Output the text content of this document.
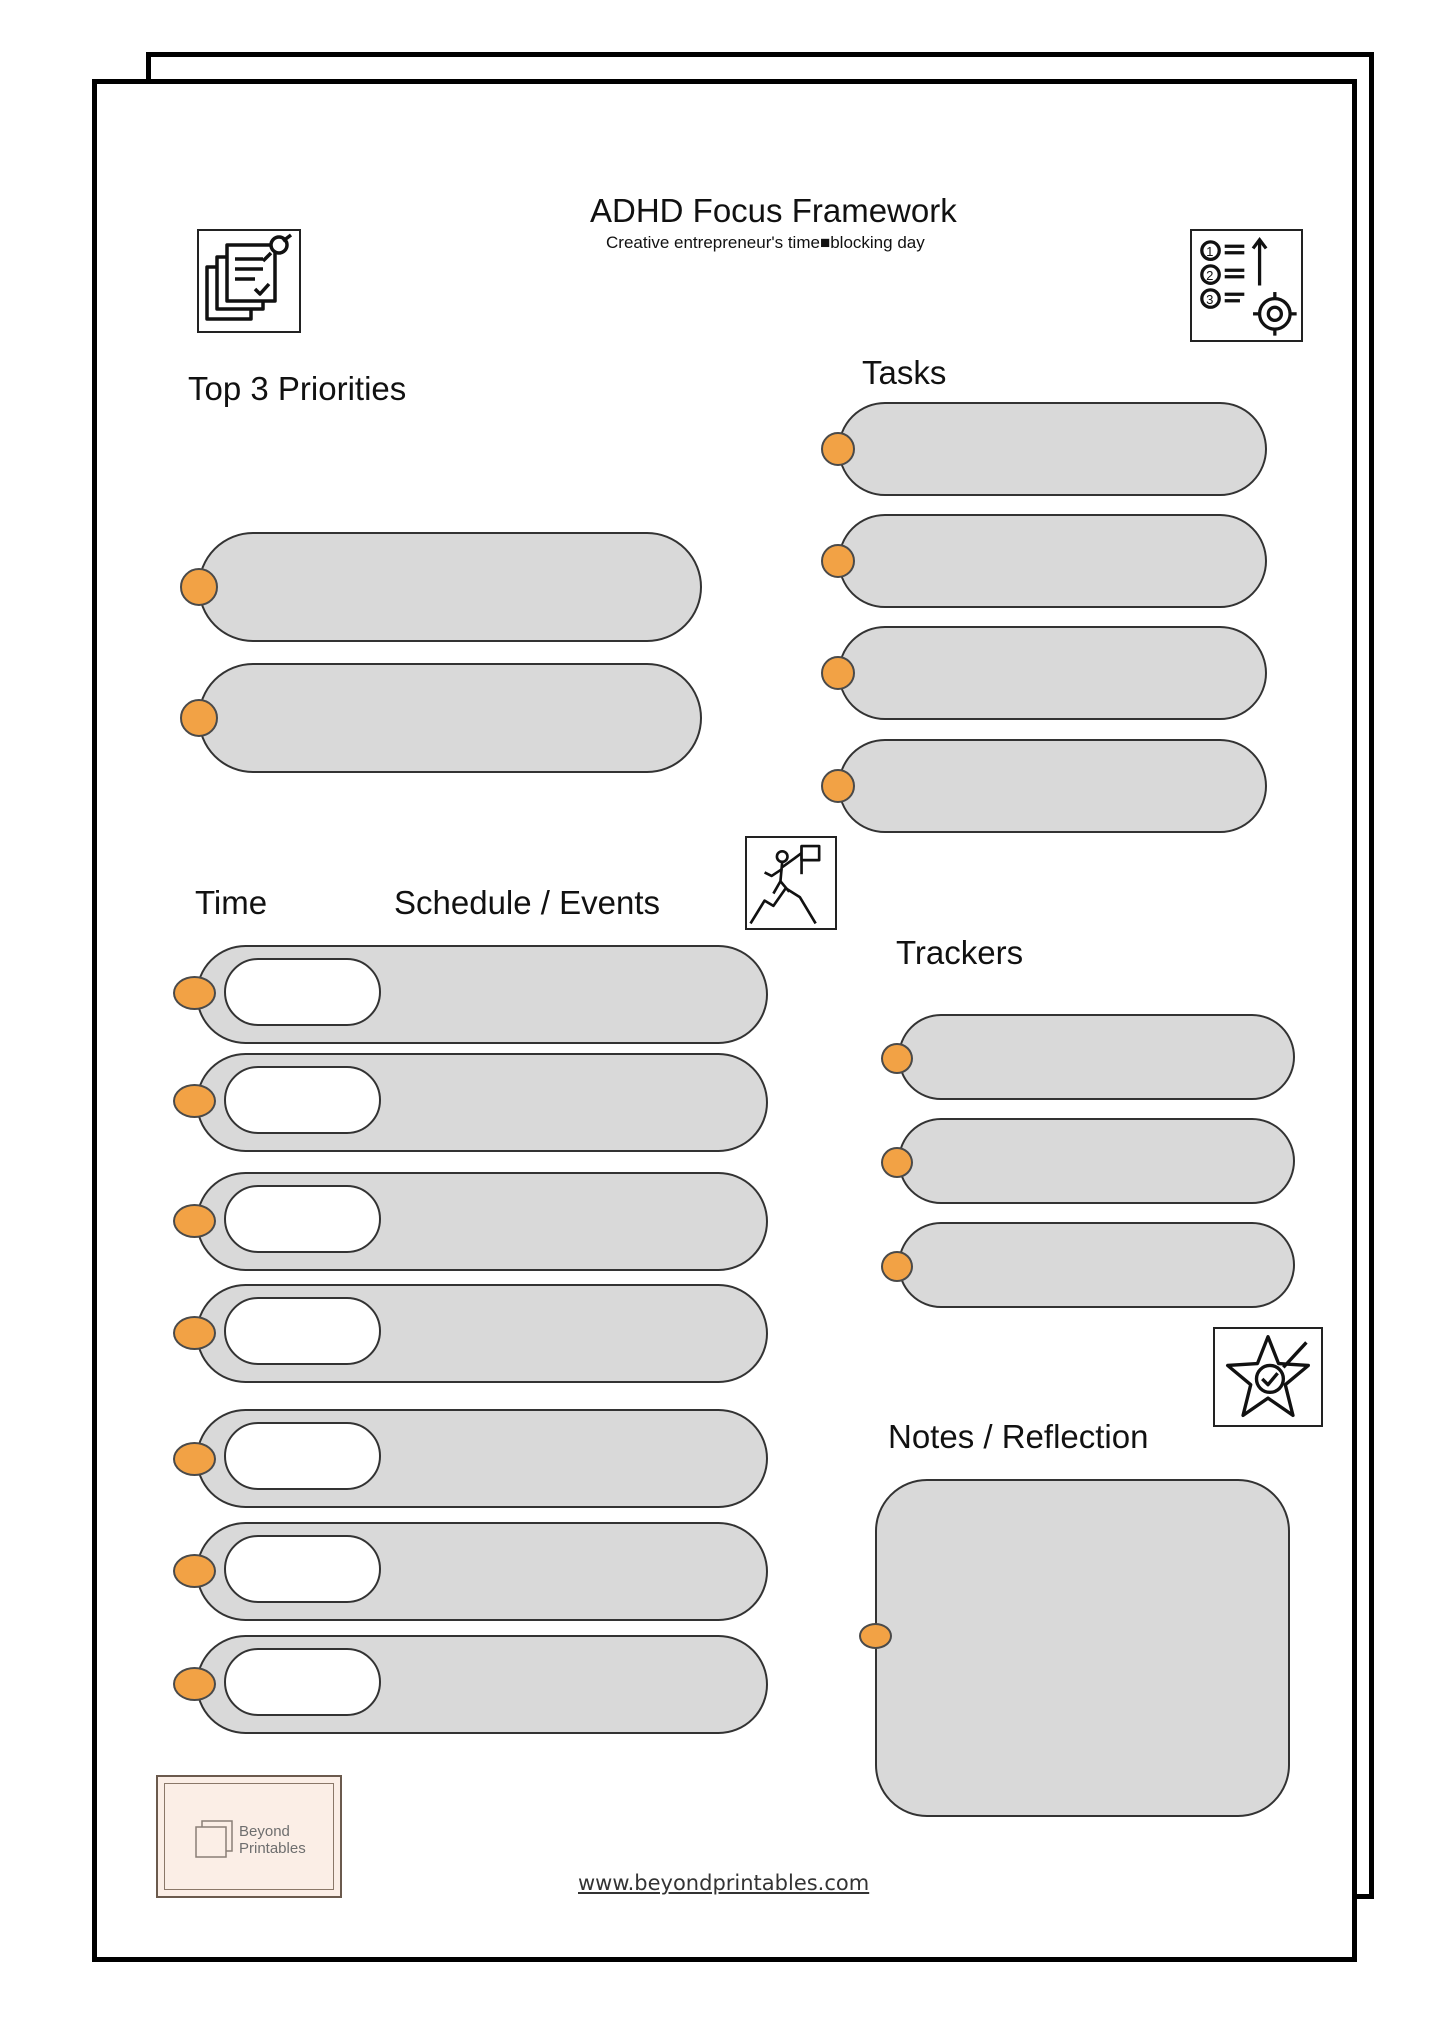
ADHD Focus Framework
Creative entrepreneur's time■blocking day	1
2
3
Top 3 Priorities	Tasks
Time	Schedule / Events
Trackers
Notes / Reflection
Beyond
Printables
www.beyondprintables.com
